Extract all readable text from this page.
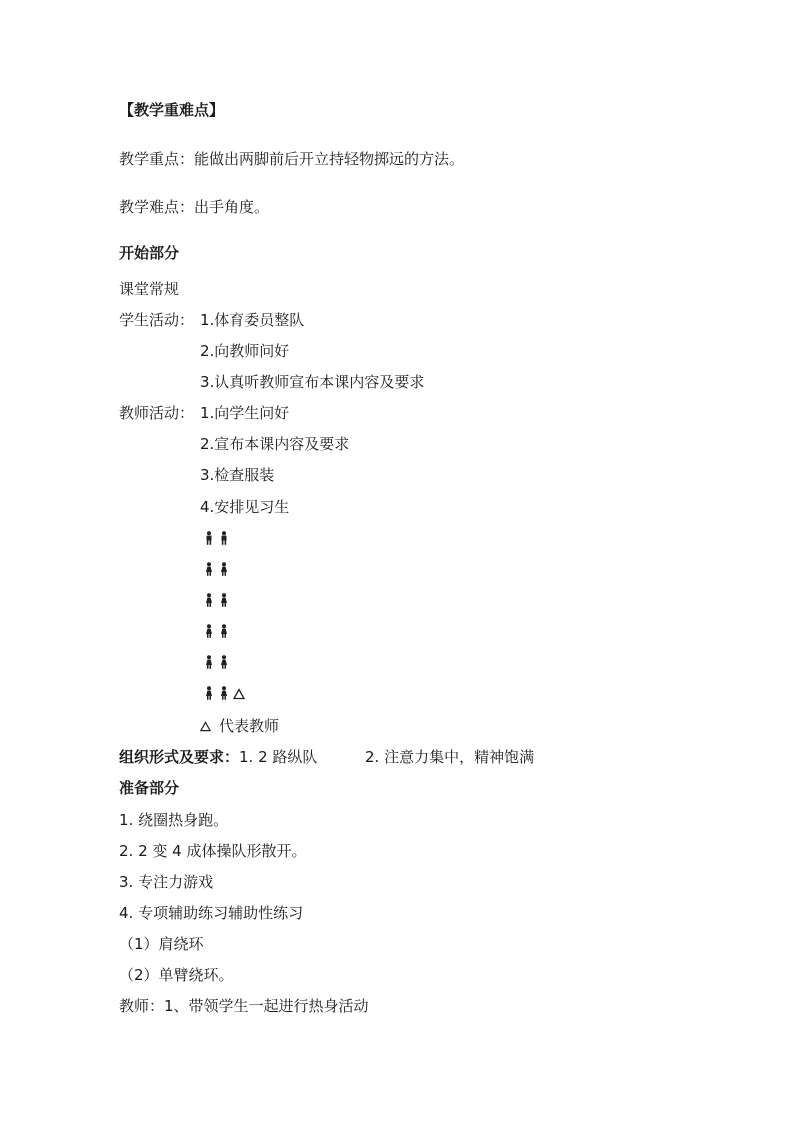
【教学重难点】
教学重点：能做出两脚前后开立持轻物掷远的方法。
教学难点：出手角度。
开始部分
课堂常规
学生活动： 1.体育委员整队
2.向教师问好
3.认真听教师宣布本课内容及要求
教师活动： 1.向学生问好
2.宣布本课内容及要求
3.检查服装
4.安排见习生
代表教师
组织形式及要求：1. 2 路纵队	2. 注意力集中，精神饱满
准备部分
1. 绕圈热身跑。
2. 2 变 4 成体操队形散开。
3. 专注力游戏
4. 专项辅助练习辅助性练习
（1）肩绕环
（2）单臂绕环。
教师：1、带领学生一起进行热身活动
